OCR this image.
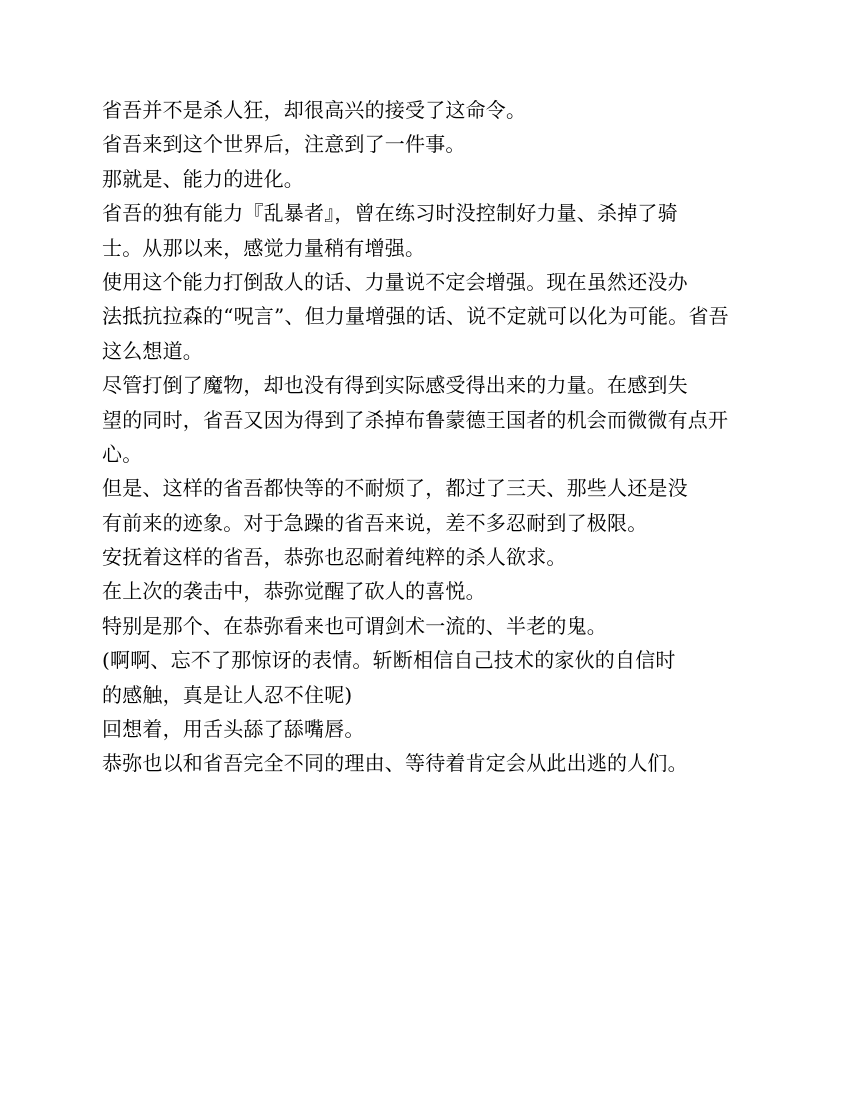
省吾并不是杀人狂，却很高兴的接受了这命令。
省吾来到这个世界后，注意到了一件事。
那就是、能力的进化。
省吾的独有能力『乱暴者』，曾在练习时没控制好力量、杀掉了骑
士。从那以来，感觉力量稍有增强。
使用这个能力打倒敌人的话、力量说不定会增强。现在虽然还没办
法抵抗拉森的“呪言”、但力量增强的话、说不定就可以化为可能。省吾
这么想道。
尽管打倒了魔物，却也没有得到实际感受得出来的力量。在感到失
望的同时，省吾又因为得到了杀掉布鲁蒙德王国者的机会而微微有点开
心。
但是、这样的省吾都快等的不耐烦了，都过了三天、那些人还是没
有前来的迹象。对于急躁的省吾来说，差不多忍耐到了极限。
安抚着这样的省吾，恭弥也忍耐着纯粹的杀人欲求。
在上次的袭击中，恭弥觉醒了砍人的喜悦。
特别是那个、在恭弥看来也可谓剑术一流的、半老的鬼。
(啊啊、忘不了那惊讶的表情。斩断相信自己技术的家伙的自信时
的感触，真是让人忍不住呢)
回想着，用舌头舔了舔嘴唇。
恭弥也以和省吾完全不同的理由、等待着肯定会从此出逃的人们。
